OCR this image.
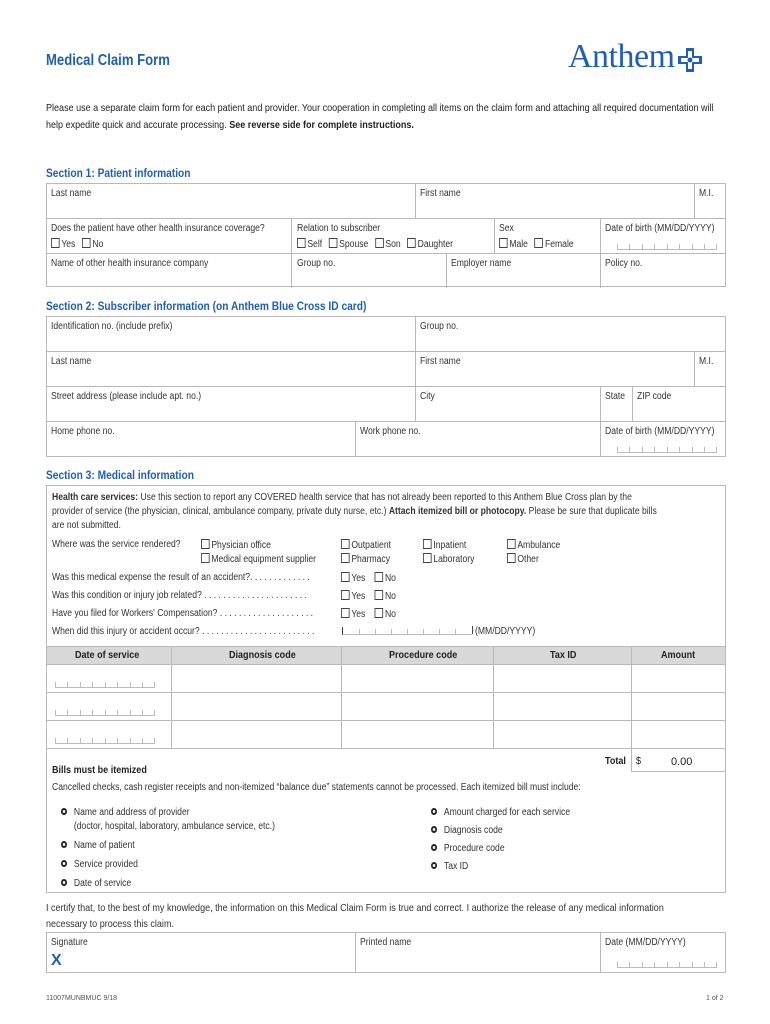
Medical Claim Form	Anthem
Please use a separate claim form for each patient and provider. Your cooperation in completing all items on the claim form and attaching all required documentation will help expedite quick and accurate processing. See reverse side for complete instructions.
Section 1: Patient information
Last name	First name	M.I.
Does the patient have other health insurance coverage?
Yes No
Relation to subscriber
Self Spouse Son Daughter
Sex
Male Female
Date of birth (MM/DD/YYYY)
Name of other health insurance company	Group no.	Employer name	Policy no.
Section 2: Subscriber information (on Anthem Blue Cross ID card)
Identification no. (include prefix)	Group no.
Last name	First name	M.I.
Street address (please include apt. no.)	City	State ZIP code
Home phone no.	Work phone no.	Date of birth (MM/DD/YYYY)
Section 3: Medical information
Health care services: Use this section to report any COVERED health service that has not already been reported to this Anthem Blue Cross plan by the
provider of service (the physician, clinical, ambulance company, private duty nurse, etc.) Attach itemized bill or photocopy. Please be sure that duplicate bills
are not submitted.
Where was the service rendered?	Physician office
Medical equipment supplier
Outpatient
Pharmacy
Inpatient
Laboratory
Ambulance
Other
Was this medical expense the result of an accident?. . . . . . . . . . . . .	Yes No
Was this condition or injury job related? . . . . . . . . . . . . . . . . . . . . . .	Yes No
Have you filed for Workers' Compensation? . . . . . . . . . . . . . . . . . . . .	Yes No
When did this injury or accident occur? . . . . . . . . . . . . . . . . . . . . . . . .	(MM/DD/YYYY)
Date of service	Diagnosis code	Procedure code	Tax ID	Amount
Total $	0.00
Bills must be itemized
Cancelled checks, cash register receipts and non-itemized “balance due” statements cannot be processed. Each itemized bill must include:
Name and address of provider
(doctor, hospital, laboratory, ambulance service, etc.)
Name of patient
Service provided
Date of service
Amount charged for each service
Diagnosis code
Procedure code
Tax ID
I certify that, to the best of my knowledge, the information on this Medical Claim Form is true and correct. I authorize the release of any medical information
necessary to process this claim.
Signature
X
Printed name	Date (MM/DD/YYYY)
11007MUNBMUC 9/18	1 of 2
